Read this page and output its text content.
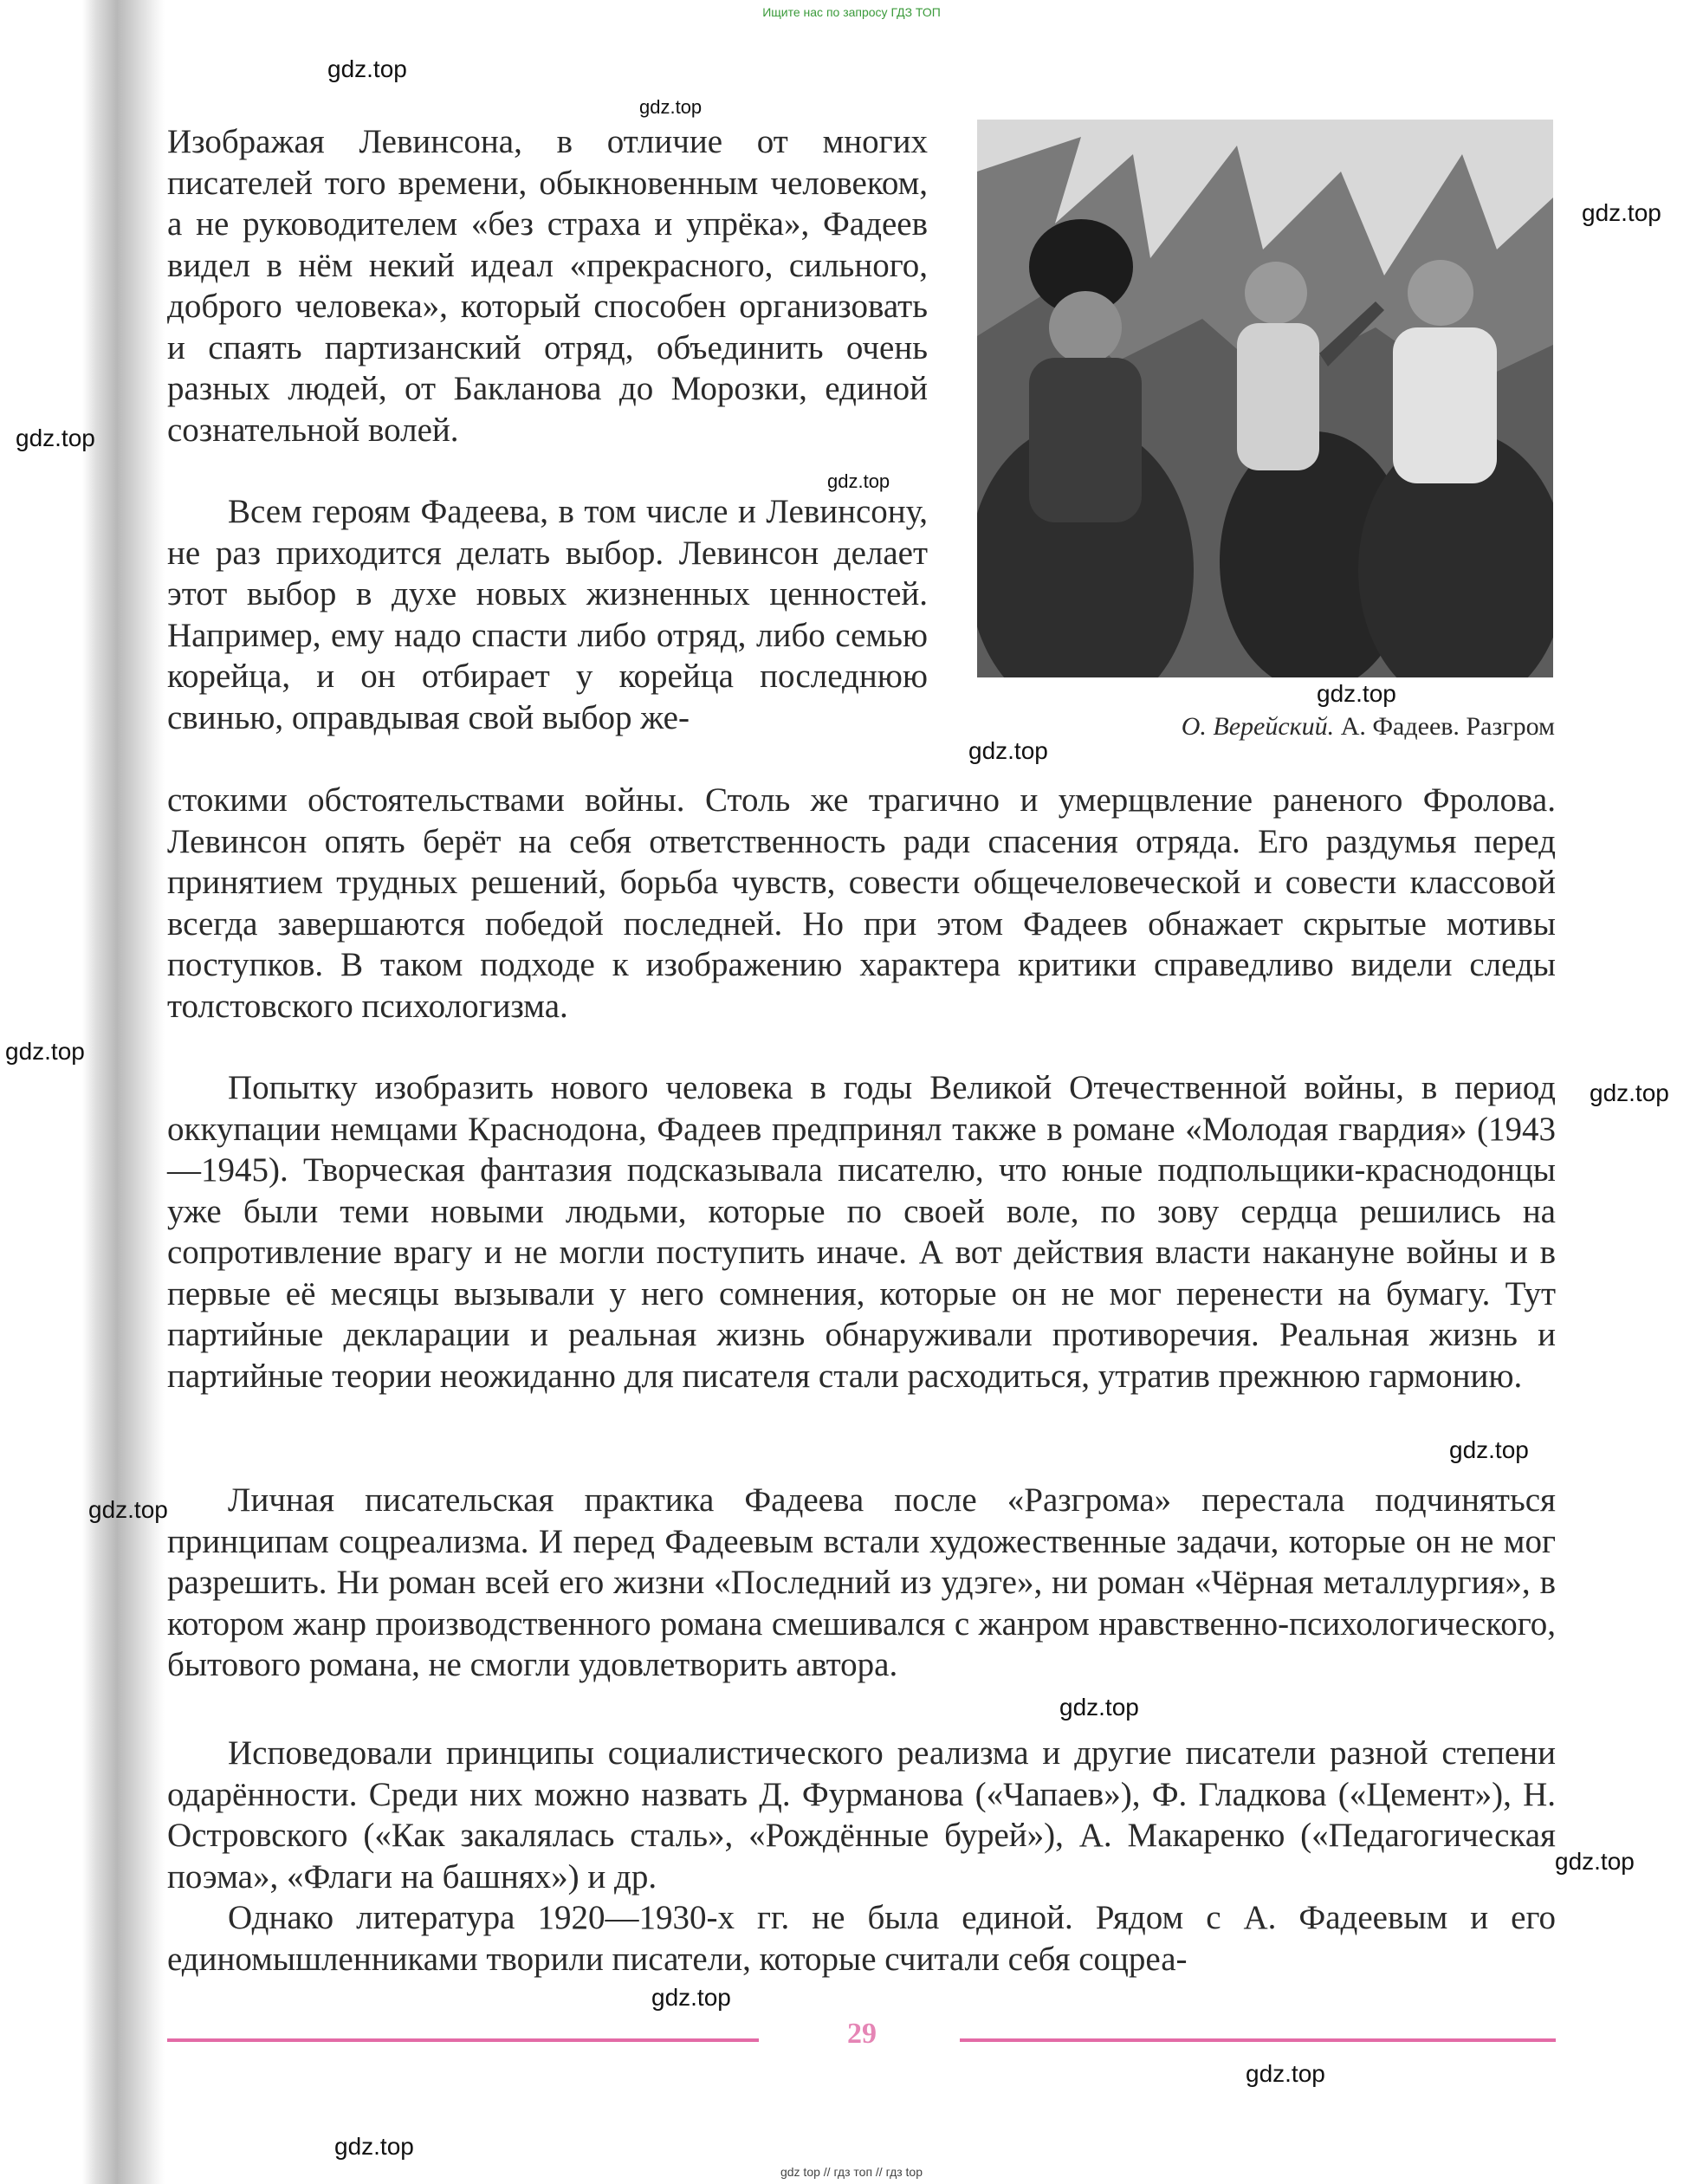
Ищите нас по запросу ГДЗ ТОП
gdz.top
gdz.top
gdz.top
gdz.top
gdz.top
gdz.top
gdz.top
gdz.top
gdz.top
gdz.top
gdz.top
gdz.top
gdz.top
gdz.top
gdz.top
gdz.top
О. Верейский. А. Фадеев. Разгром

Изображая Левинсона, в отличие от многих писателей того времени, обыкновенным человеком, а не руководителем «без страха и упрёка», Фадеев видел в нём некий идеал «прекрасного, сильного, доброго человека», который способен организовать и спаять партизанский отряд, объединить очень разных людей, от Бакланова до Морозки, единой сознательной волей.

Всем героям Фадеева, в том числе и Левинсону, не раз приходится делать выбор. Левинсон делает этот выбор в духе новых жизненных ценностей. Например, ему надо спасти либо отряд, либо семью корейца, и он отбирает у корейца последнюю свинью, оправдывая свой выбор же-

стокими обстоятельствами войны. Столь же трагично и умерщвление раненого Фролова. Левинсон опять берёт на себя ответственность ради спасения отряда. Его раздумья перед принятием трудных решений, борьба чувств, совести общечеловеческой и совести классовой всегда завершаются победой последней. Но при этом Фадеев обнажает скрытые мотивы поступков. В таком подходе к изображению характера критики справедливо видели следы толстовского психологизма.

Попытку изобразить нового человека в годы Великой Отечественной войны, в период оккупации немцами Краснодона, Фадеев предпринял также в романе «Молодая гвардия» (1943—1945). Творческая фантазия подсказывала писателю, что юные подпольщики-краснодонцы уже были теми новыми людьми, которые по своей воле, по зову сердца решились на сопротивление врагу и не могли поступить иначе. А вот действия власти накануне войны и в первые её месяцы вызывали у него сомнения, которые он не мог перенести на бумагу. Тут партийные декларации и реальная жизнь обнаруживали противоречия. Реальная жизнь и партийные теории неожиданно для писателя стали расходиться, утратив прежнюю гармонию.

Личная писательская практика Фадеева после «Разгрома» перестала подчиняться принципам соцреализма. И перед Фадеевым встали художественные задачи, которые он не мог разрешить. Ни роман всей его жизни «Последний из удэге», ни роман «Чёрная металлургия», в котором жанр производственного романа смешивался с жанром нравственно-психологического, бытового романа, не смогли удовлетворить автора.

Исповедовали принципы социалистического реализма и другие писатели разной степени одарённости. Среди них можно назвать Д. Фурманова («Чапаев»), Ф. Гладкова («Цемент»), Н. Островского («Как закалялась сталь», «Рождённые бурей»), А. Макаренко («Педагогическая поэма», «Флаги на башнях») и др.

Однако литература 1920—1930-х гг. не была единой. Рядом с А. Фадеевым и его единомышленниками творили писатели, которые считали себя соцреа-

29
gdz top // гдз топ // гдз top
